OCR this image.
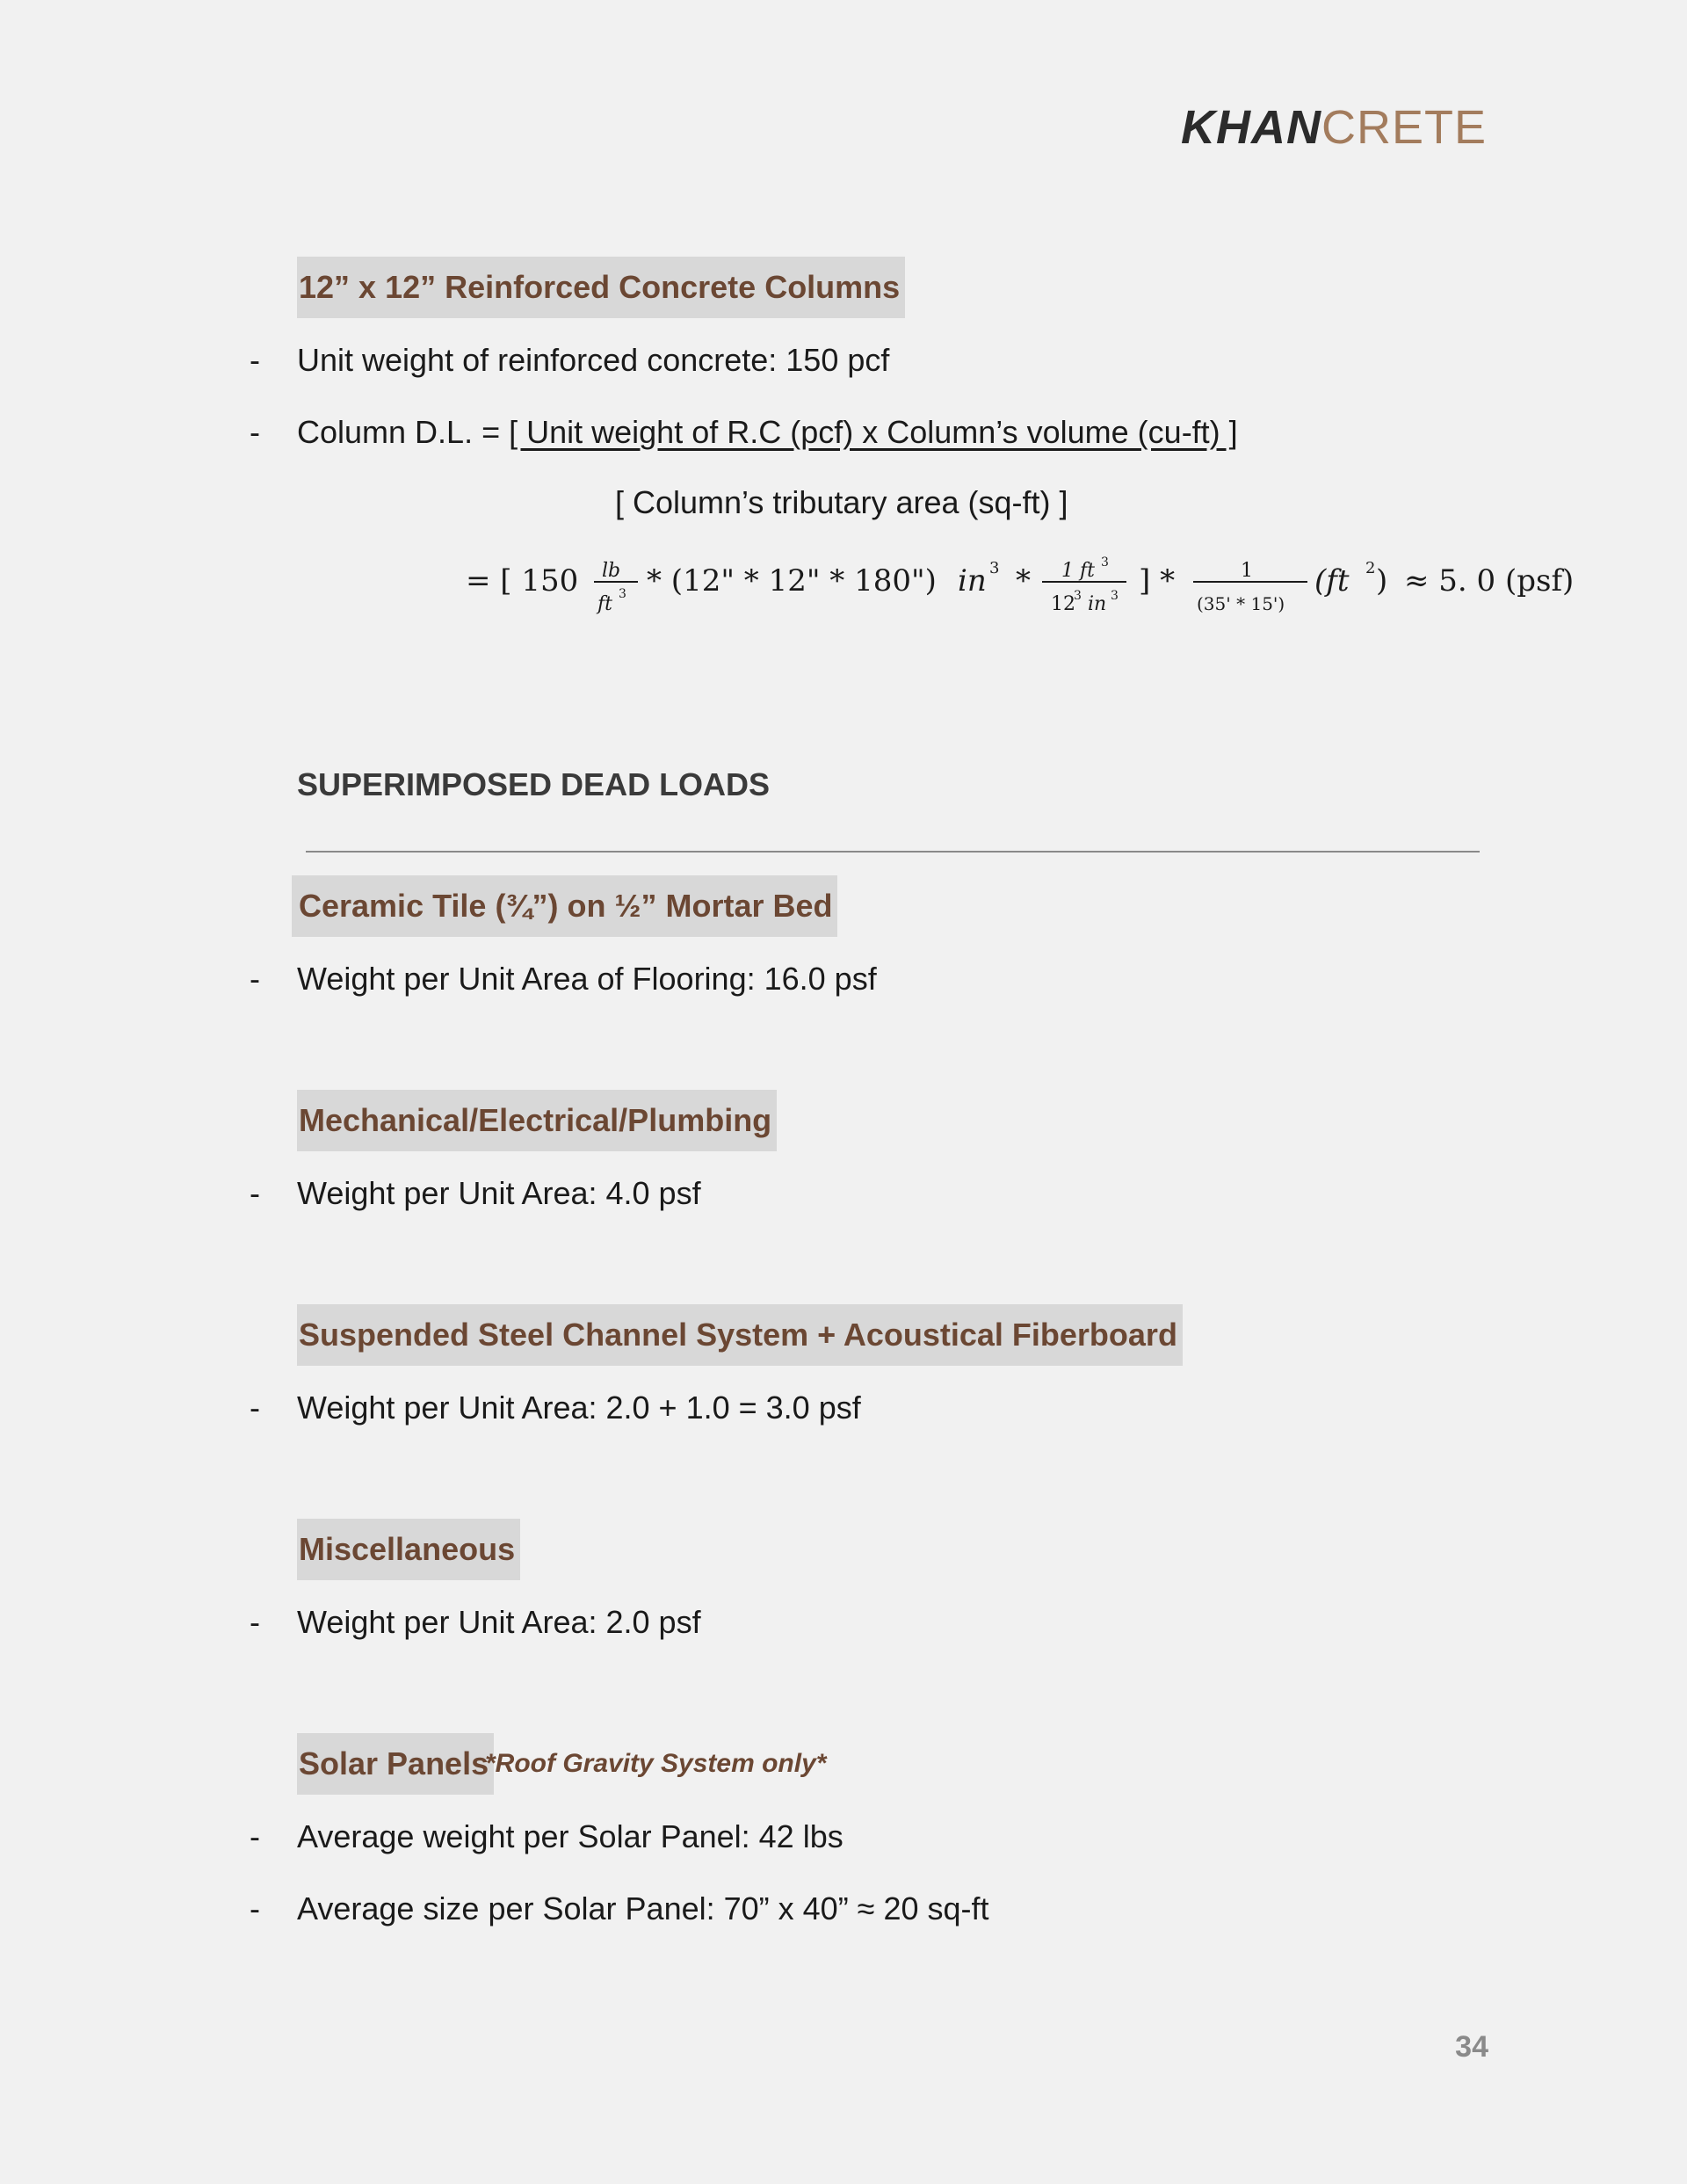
KHANCRETE
12” x 12” Reinforced Concrete Columns
- Unit weight of reinforced concrete: 150 pcf
- Column D.L. = [ Unit weight of R.C (pcf) x Column’s volume (cu-ft) ]
[ Column’s tributary area (sq-ft) ]
= [ 150 lb
ft 3 * (12" * 12" * 180") in 3 * 1 ft 3
12
3 in 3 ] *	1
(35' * 15')
(ft 2 ) ≈ 5. 0 (psf)
SUPERIMPOSED DEAD LOADS
Ceramic Tile (¾”) on ½” Mortar Bed
- Weight per Unit Area of Flooring: 16.0 psf
Mechanical/Electrical/Plumbing
- Weight per Unit Area: 4.0 psf
Suspended Steel Channel System + Acoustical Fiberboard
- Weight per Unit Area: 2.0 + 1.0 = 3.0 psf
Miscellaneous
- Weight per Unit Area: 2.0 psf
Solar Panels
*Roof Gravity System only*
- Average weight per Solar Panel: 42 lbs
- Average size per Solar Panel: 70” x 40” ≈ 20 sq-ft
34
